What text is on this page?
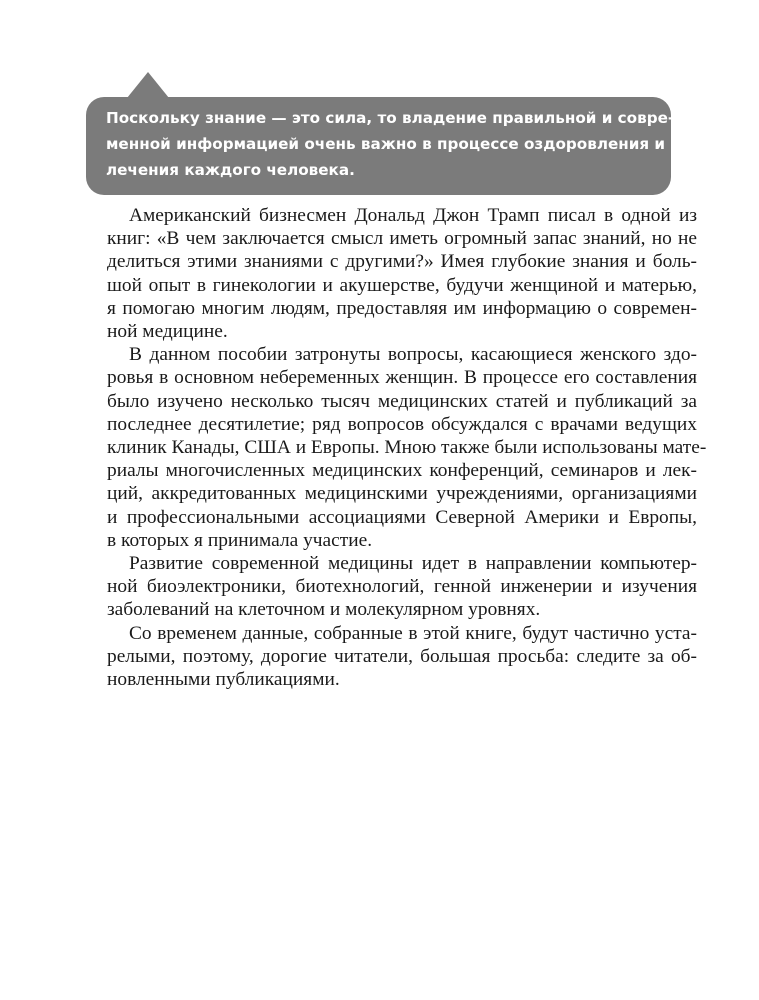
Поскольку знание — это сила, то владение правильной и совре-
менной информацией очень важно в процессе оздоровления и
лечения каждого человека.

Американский бизнесмен Дональд Джон Трамп писал в одной из
книг: «В чем заключается смысл иметь огромный запас знаний, но не
делиться этими знаниями с другими?» Имея глубокие знания и боль-
шой опыт в гинекологии и акушерстве, будучи женщиной и матерью,
я помогаю многим людям, предоставляя им информацию о современ-
ной медицине.
В данном пособии затронуты вопросы, касающиеся женского здо-
ровья в основном небеременных женщин. В процессе его составления
было изучено несколько тысяч медицинских статей и публикаций за
последнее десятилетие; ряд вопросов обсуждался с врачами ведущих
клиник Канады, США и Европы. Мною также были использованы мате-
риалы многочисленных медицинских конференций, семинаров и лек-
ций, аккредитованных медицинскими учреждениями, организациями
и профессиональными ассоциациями Северной Америки и Европы,
в которых я принимала участие.
Развитие современной медицины идет в направлении компьютер-
ной биоэлектроники, биотехнологий, генной инженерии и изучения
заболеваний на клеточном и молекулярном уровнях.
Со временем данные, собранные в этой книге, будут частично уста-
релыми, поэтому, дорогие читатели, большая просьба: следите за об-
новленными публикациями.
